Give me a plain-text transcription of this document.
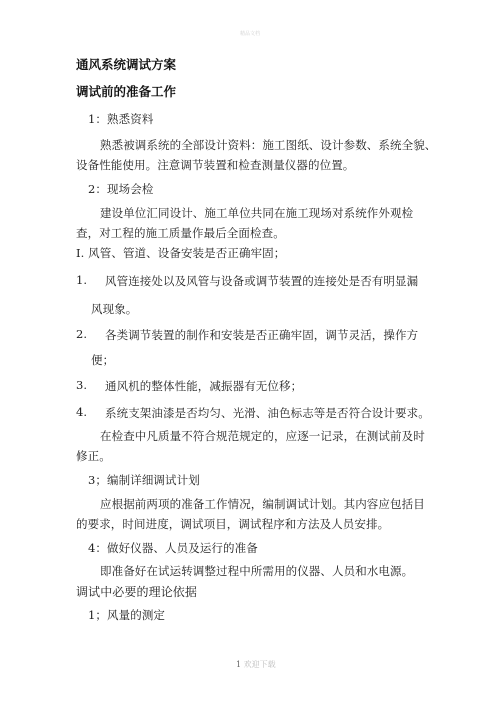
精品文档
通风系统调试方案
调试前的准备工作
1：熟悉资料
熟悉被调系统的全部设计资料：施工图纸、设计参数、系统全貌、
设备性能使用。注意调节装置和检查测量仪器的位置。
2：现场会检
建设单位汇同设计、施工单位共同在施工现场对系统作外观检
查，对工程的施工质量作最后全面检查。
I. 风管、管道、设备安装是否正确牢固；
1. 风管连接处以及风管与设备或调节装置的连接处是否有明显漏
风现象。
2. 各类调节装置的制作和安装是否正确牢固，调节灵活，操作方
便；
3. 通风机的整体性能，减振器有无位移；
4. 系统支架油漆是否均匀、光滑、油色标志等是否符合设计要求。
在检查中凡质量不符合规范规定的，应逐一记录，在测试前及时
修正。
3；编制详细调试计划
应根据前两项的准备工作情况，编制调试计划。其内容应包括目
的要求，时间进度，调试项目，调试程序和方法及人员安排。
4：做好仪器、人员及运行的准备
即准备好在试运转调整过程中所需用的仪器、人员和水电源。
调试中必要的理论依据
1；风量的测定
1 欢迎下载
